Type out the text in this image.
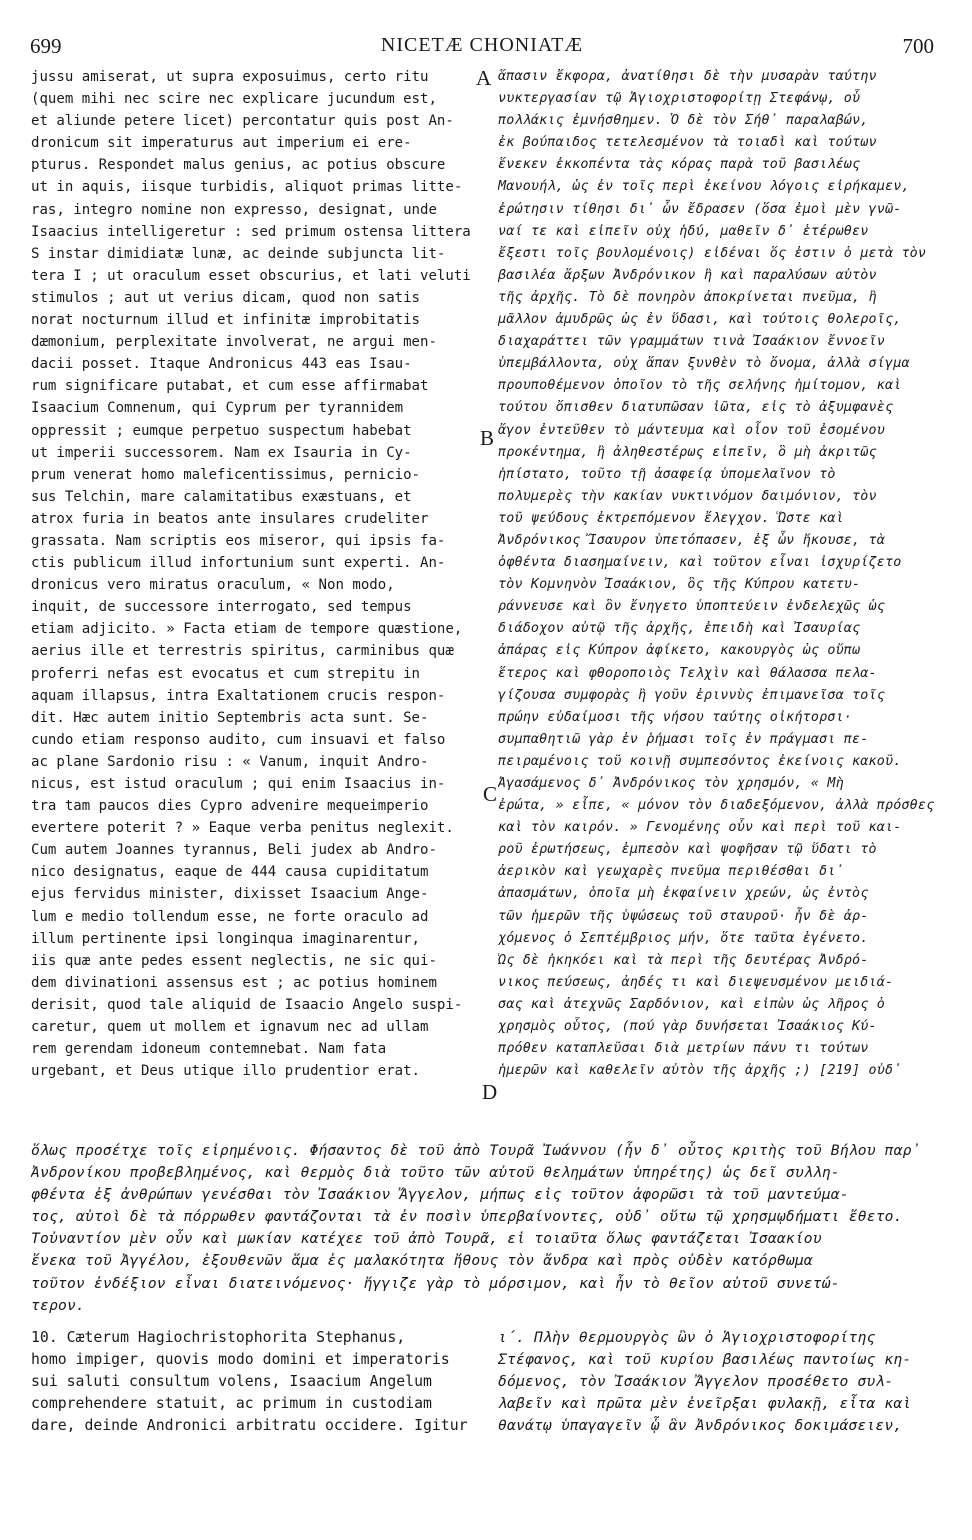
699	NICETÆ CHONIATÆ	700
jussu amiserat, ut supra exposuimus, certo ritu
(quem mihi nec scire nec explicare jucundum est,
et aliunde petere licet) percontatur quis post An-
dronicum sit imperaturus aut imperium ei ere-
pturus. Respondet malus genius, ac potius obscure
ut in aquis, iisque turbidis, aliquot primas litte-
ras, integro nomine non expresso, designat, unde
Isaacius intelligeretur : sed primum ostensa littera
S instar dimidiatæ lunæ, ac deinde subjuncta lit-
tera I ; ut oraculum esset obscurius, et lati veluti
stimulos ; aut ut verius dicam, quod non satis
norat nocturnum illud et infinitæ improbitatis
dæmonium, perplexitate involverat, ne argui men-
dacii posset. Itaque Andronicus 443 eas Isau-
rum significare putabat, et cum esse affirmabat
Isaacium Comnenum, qui Cyprum per tyrannidem
oppressit ; eumque perpetuo suspectum habebat
ut imperii successorem. Nam ex Isauria in Cy-
prum venerat homo maleficentissimus, pernicio-
sus Telchin, mare calamitatibus exæstuans, et
atrox furia in beatos ante insulares crudeliter
grassata. Nam scriptis eos miseror, qui ipsis fa-
ctis publicum illud infortunium sunt experti. An-
dronicus vero miratus oraculum, « Non modo,
inquit, de successore interrogato, sed tempus
etiam adjicito. » Facta etiam de tempore quæstione,
aerius ille et terrestris spiritus, carminibus quæ
proferri nefas est evocatus et cum strepitu in
aquam illapsus, intra Exaltationem crucis respon-
dit. Hæc autem initio Septembris acta sunt. Se-
cundo etiam responso audito, cum insuavi et falso
ac plane Sardonio risu : « Vanum, inquit Andro-
nicus, est istud oraculum ; qui enim Isaacius in-
tra tam paucos dies Cypro advenire mequeimperio
evertere poterit ? » Eaque verba penitus neglexit.
Cum autem Joannes tyrannus, Beli judex ab Andro-
nico designatus, eaque de 444 causa cupiditatum
ejus fervidus minister, dixisset Isaacium Ange-
lum e medio tollendum esse, ne forte oraculo ad
illum pertinente ipsi longinqua imaginarentur,
iis quæ ante pedes essent neglectis, ne sic qui-
dem divinationi assensus est ; ac potius hominem
derisit, quod tale aliquid de Isaacio Angelo suspi-
caretur, quem ut mollem et ignavum nec ad ullam
rem gerendam idoneum contemnebat. Nam fata
urgebant, et Deus utique illo prudentior erat.
A
B
C
D
ἅπασιν ἔκφορα, ἀνατίθησι δὲ τὴν μυσαρὰν ταύτην
νυκτεργασίαν τῷ Ἁγιοχριστοφορίτῃ Στεφάνῳ, οὗ
πολλάκις ἐμνήσθημεν. Ὁ δὲ τὸν Σήθ᾽ παραλαβών,
ἐκ βούπαιδος τετελεσμένον τὰ τοιαδὶ καὶ τούτων
ἕνεκεν ἐκκοπέντα τὰς κόρας παρὰ τοῦ βασιλέως
Μανουήλ, ὡς ἐν τοῖς περὶ ἐκείνου λόγοις εἰρήκαμεν,
ἐρώτησιν τίθησι δι᾽ ὧν ἔδρασεν (ὅσα ἐμοὶ μὲν γνῶ-
ναί τε καὶ εἰπεῖν οὐχ ἡδύ, μαθεῖν δ᾽ ἑτέρωθεν
ἔξεστι τοῖς βουλομένοις) εἰδέναι ὅς ἐστιν ὁ μετὰ τὸν
βασιλέα ἄρξων Ἀνδρόνικον ἢ καὶ παραλύσων αὐτὸν
τῆς ἀρχῆς. Τὸ δὲ πονηρὸν ἀποκρίνεται πνεῦμα, ἢ
μᾶλλον ἀμυδρῶς ὡς ἐν ὕδασι, καὶ τούτοις θολεροῖς,
διαχαράττει τῶν γραμμάτων τινὰ Ἰσαάκιον ἔννοεῖν
ὑπεμβάλλοντα, οὐχ ἅπαν ξυνθὲν τὸ ὄνομα, ἀλλὰ σίγμα
προυποθέμενον ὁποῖον τὸ τῆς σελήνης ἡμίτομον, καὶ
τούτου ὄπισθεν διατυπῶσαν ἰῶτα, εἰς τὸ ἀξυμφανὲς
ἄγον ἐντεῦθεν τὸ μάντευμα καὶ οἷον τοῦ ἐσομένου
προκέντημα, ἢ ἀληθεστέρως εἰπεῖν, ὃ μὴ ἀκριτῶς
ἠπίστατο, τοῦτο τῇ ἀσαφείᾳ ὑπομελαῖνον τὸ
πολυμερὲς τὴν κακίαν νυκτινόμον δαιμόνιον, τὸν
τοῦ ψεύδους ἐκτρεπόμενον ἔλεγχον. Ὥστε καὶ
Ἀνδρόνικος Ἴσαυρον ὑπετόπασεν, ἐξ ὧν ἤκουσε, τὰ
ὀφθέντα διασημαίνειν, καὶ τοῦτον εἶναι ἰσχυρίζετο
τὸν Κομνηνὸν Ἰσαάκιον, ὃς τῆς Κύπρου κατετυ-
ράννευσε καὶ ὃν ἔνηγετο ὑποπτεύειν ἐνδελεχῶς ὡς
διάδοχον αὐτῷ τῆς ἀρχῆς, ἐπειδὴ καὶ Ἰσαυρίας
ἀπάρας εἰς Κύπρον ἀφίκετο, κακουργὸς ὡς οὔπω
ἕτερος καὶ φθοροποιὸς Τελχὶν καὶ θάλασσα πελα-
γίζουσα συμφορὰς ἢ γοῦν ἐριννὺς ἐπιμανεῖσα τοῖς
πρώην εὐδαίμοσι τῆς νήσου ταύτης οἰκήτορσι·
συμπαθητιῶ γὰρ ἐν ῥήμασι τοῖς ἐν πράγμασι πε-
πειραμένοις τοῦ κοινῇ συμπεσόντος ἐκείνοις κακοῦ.
Ἀγασάμενος δ᾽ Ἀνδρόνικος τὸν χρησμόν, « Μὴ
ἐρώτα, » εἶπε, « μόνον τὸν διαδεξόμενον, ἀλλὰ πρόσθες
καὶ τὸν καιρόν. » Γενομένης οὖν καὶ περὶ τοῦ και-
ροῦ ἐρωτήσεως, ἐμπεσὸν καὶ ψοφῆσαν τῷ ὕδατι τὸ
ἀερικὸν καὶ γεωχαρὲς πνεῦμα περιθέσθαι δι᾽
ἀπασμάτων, ὁποῖα μὴ ἐκφαίνειν χρεών, ὡς ἐντὸς
τῶν ἡμερῶν τῆς ὑψώσεως τοῦ σταυροῦ· ἦν δὲ ἀρ-
χόμενος ὁ Σεπτέμβριος μήν, ὅτε ταῦτα ἐγένετο.
Ὡς δὲ ἠκηκόει καὶ τὰ περὶ τῆς δευτέρας Ἀνδρό-
νικος πεύσεως, ἀηδές τι καὶ διεψευσμένον μειδιά-
σας καὶ ἀτεχνῶς Σαρδόνιον, καὶ εἰπὼν ὡς λῆρος ὁ
χρησμὸς οὗτος, (πού γὰρ δυνήσεται Ἰσαάκιος Κύ-
πρόθεν καταπλεῦσαι διὰ μετρίων πάνυ τι τούτων
ἡμερῶν καὶ καθελεῖν αὐτὸν τῆς ἀρχῆς ;) [219] οὐδ᾽
ὅλως προσέτχε τοῖς εἰρημένοις. Φήσαντος δὲ τοῦ ἀπὸ Τουρᾶ Ἰωάννου (ἦν δ᾽ οὗτος κριτὴς τοῦ Βήλου παρ᾽
Ἀνδρονίκου προβεβλημένος, καὶ θερμὸς διὰ τοῦτο τῶν αὐτοῦ θελημάτων ὑπηρέτης) ὡς δεῖ συλλη-
φθέντα ἐξ ἀνθρώπων γενέσθαι τὸν Ἰσαάκιον Ἄγγελον, μήπως εἰς τοῦτον ἀφορῶσι τὰ τοῦ μαντεύμα-
τος, αὐτοὶ δὲ τὰ πόρρωθεν φαντάζονται τὰ ἐν ποσὶν ὑπερβαίνοντες, οὐδ᾽ οὕτω τῷ χρησμῳδήματι ἔθετο.
Τοὐναντίον μὲν οὖν καὶ μωκίαν κατέχεε τοῦ ἀπὸ Τουρᾶ, εἰ τοιαῦτα ὅλως φαντάζεται Ἰσαακίου
ἕνεκα τοῦ Ἀγγέλου, ἐξουθενῶν ἅμα ἐς μαλακότητα ἤθους τὸν ἄνδρα καὶ πρὸς οὐδὲν κατόρθωμα
τοῦτον ἐνδέξιον εἶναι διατεινόμενος· ἤγγιζε γὰρ τὸ μόρσιμον, καὶ ἦν τὸ θεῖον αὐτοῦ συνετώ-
τερον.
10. Cæterum Hagiochristophorita Stephanus,
homo impiger, quovis modo domini et imperatoris
sui saluti consultum volens, Isaacium Angelum
comprehendere statuit, ac primum in custodiam
dare, deinde Andronici arbitratu occidere. Igitur
ι΄. Πλὴν θερμουργὸς ὢν ὁ Ἁγιοχριστοφορίτης
Στέφανος, καὶ τοῦ κυρίου βασιλέως παντοίως κη-
δόμενος, τὸν Ἰσαάκιον Ἄγγελον προσέθετο συλ-
λαβεῖν καὶ πρῶτα μὲν ἐνεῖρξαι φυλακῇ, εἶτα καὶ
θανάτῳ ὑπαγαγεῖν ᾧ ἂν Ἀνδρόνικος δοκιμάσειεν,
